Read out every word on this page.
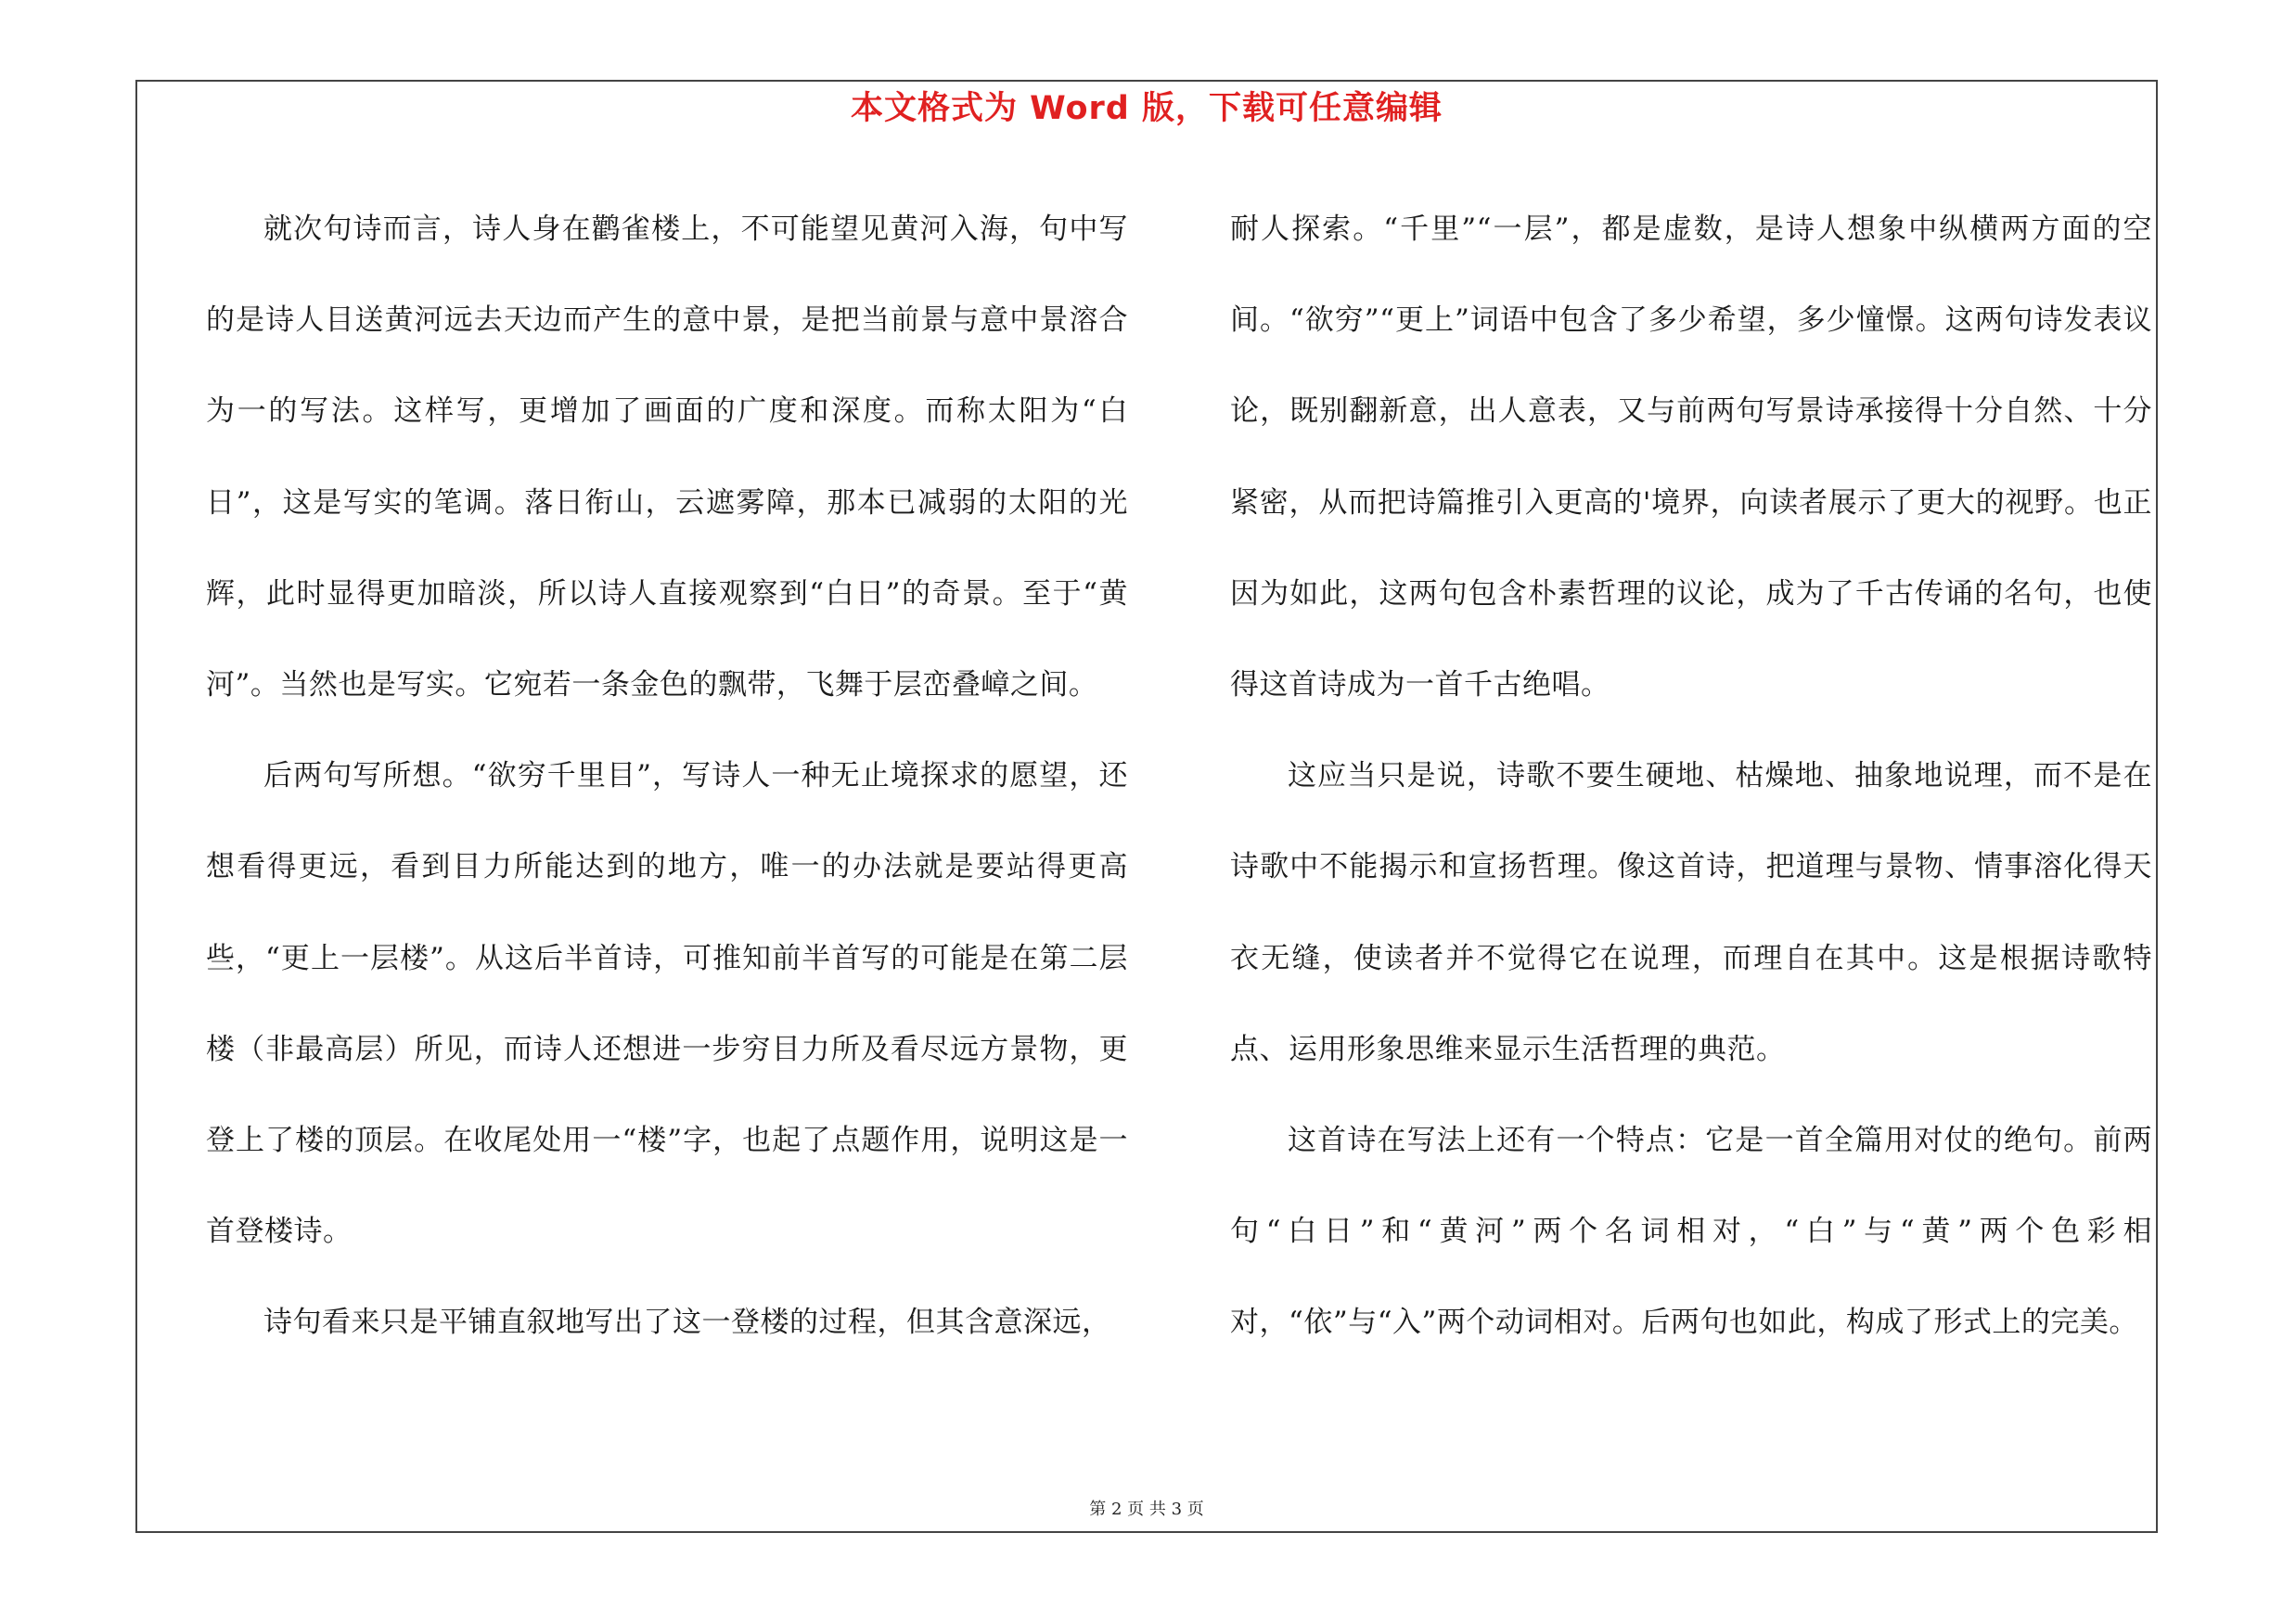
本文格式为 Word 版，下载可任意编辑

就次句诗而言，诗人身在鹳雀楼上，不可能望见黄河入海，句中写的是诗人目送黄河远去天边而产生的意中景，是把当前景与意中景溶合为一的写法。这样写，更增加了画面的广度和深度。而称太阳为“白日”，这是写实的笔调。落日衔山，云遮雾障，那本已减弱的太阳的光辉，此时显得更加暗淡，所以诗人直接观察到“白日”的奇景。至于“黄河”。当然也是写实。它宛若一条金色的飘带，飞舞于层峦叠嶂之间。

后两句写所想。“欲穷千里目”，写诗人一种无止境探求的愿望，还想看得更远，看到目力所能达到的地方，唯一的办法就是要站得更高些，“更上一层楼”。从这后半首诗，可推知前半首写的可能是在第二层楼（非最高层）所见，而诗人还想进一步穷目力所及看尽远方景物，更登上了楼的顶层。在收尾处用一“楼”字，也起了点题作用，说明这是一首登楼诗。

诗句看来只是平铺直叙地写出了这一登楼的过程，但其含意深远，

耐人探索。“千里”“一层”，都是虚数，是诗人想象中纵横两方面的空间。“欲穷”“更上”词语中包含了多少希望，多少憧憬。这两句诗发表议论，既别翻新意，出人意表，又与前两句写景诗承接得十分自然、十分紧密，从而把诗篇推引入更高的'境界，向读者展示了更大的视野。也正因为如此，这两句包含朴素哲理的议论，成为了千古传诵的名句，也使得这首诗成为一首千古绝唱。

这应当只是说，诗歌不要生硬地、枯燥地、抽象地说理，而不是在诗歌中不能揭示和宣扬哲理。像这首诗，把道理与景物、情事溶化得天衣无缝，使读者并不觉得它在说理，而理自在其中。这是根据诗歌特点、运用形象思维来显示生活哲理的典范。

这首诗在写法上还有一个特点：它是一首全篇用对仗的绝句。前两句“白日”和“黄河”两个名词相对，“白”与“黄”两个色彩相对，“依”与“入”两个动词相对。后两句也如此，构成了形式上的完美。

第 2 页 共 3 页
